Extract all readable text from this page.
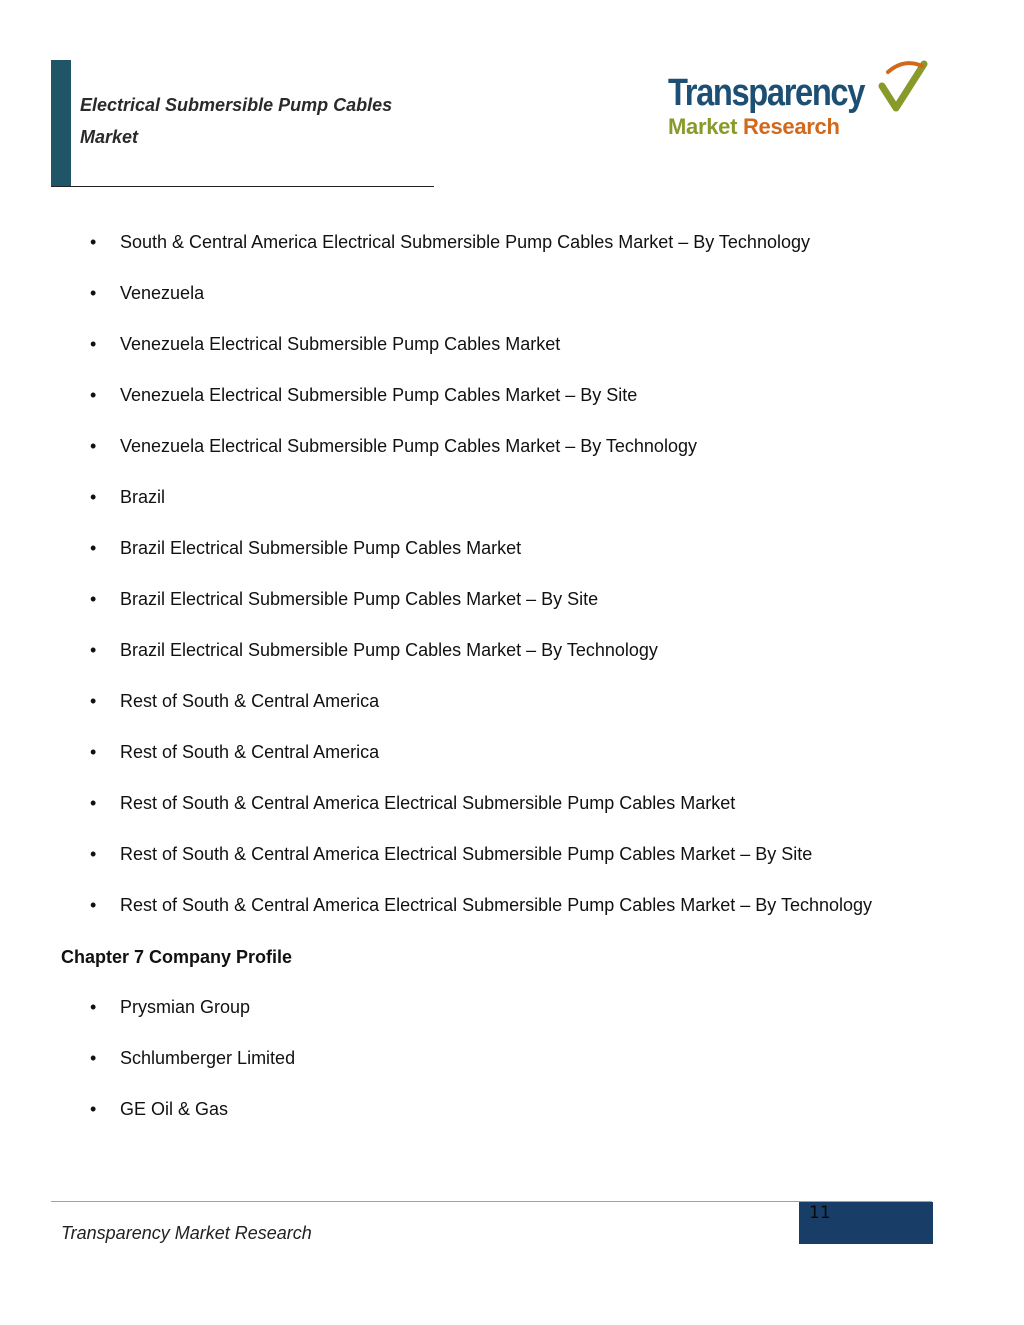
Electrical Submersible Pump Cables
Market
Transparency
Market Research
• South & Central America Electrical Submersible Pump Cables Market – By Technology
• Venezuela
• Venezuela Electrical Submersible Pump Cables Market
• Venezuela Electrical Submersible Pump Cables Market – By Site
• Venezuela Electrical Submersible Pump Cables Market – By Technology
• Brazil
• Brazil Electrical Submersible Pump Cables Market
• Brazil Electrical Submersible Pump Cables Market – By Site
• Brazil Electrical Submersible Pump Cables Market – By Technology
• Rest of South & Central America
• Rest of South & Central America
• Rest of South & Central America Electrical Submersible Pump Cables Market
• Rest of South & Central America Electrical Submersible Pump Cables Market – By Site
• Rest of South & Central America Electrical Submersible Pump Cables Market – By Technology
Chapter 7 Company Profile
• Prysmian Group
• Schlumberger Limited
• GE Oil & Gas
11
Transparency Market Research
